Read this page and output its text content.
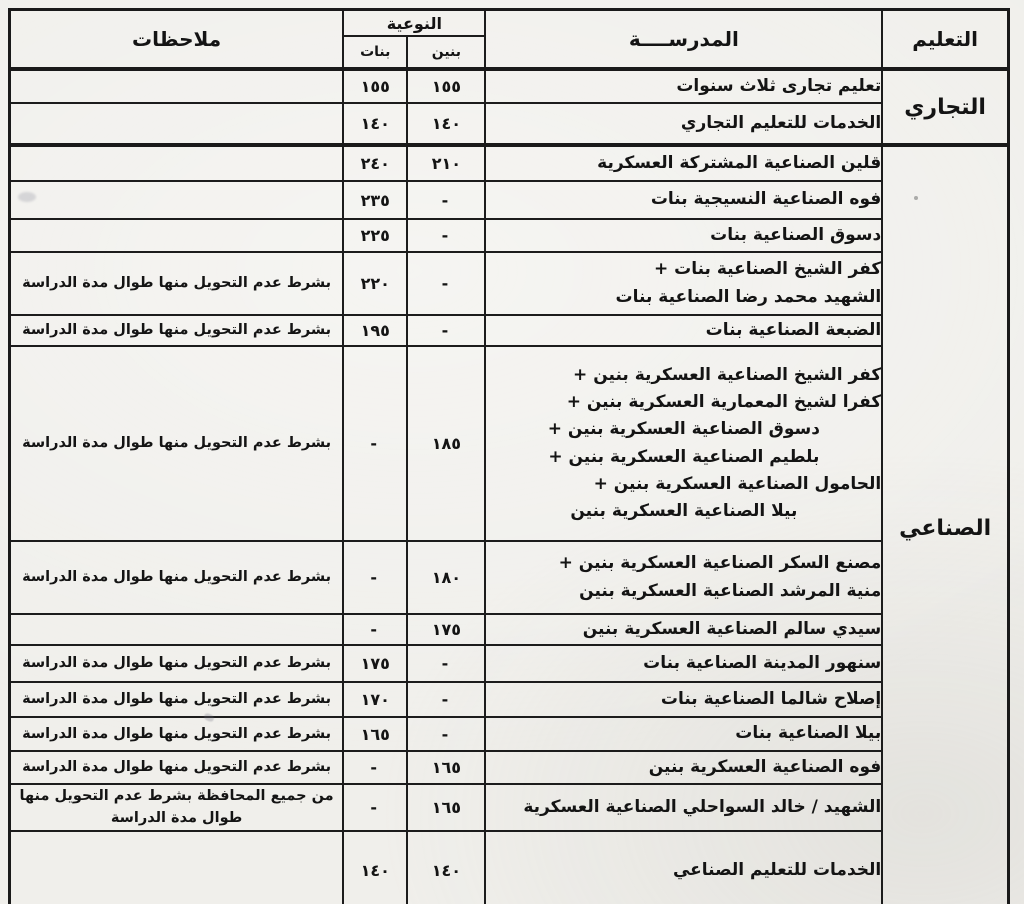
التعليم	المدرســــة	النوعية		ملاحظات
		بنين	بنات	
التجاري	تعليم تجارى ثلاث سنوات	١٥٥	١٥٥	

	الخدمات للتعليم التجاري	١٤٠	١٤٠	
الصناعي	قلين الصناعية المشتركة العسكرية	٢١٠	٢٤٠	

	فوه الصناعية النسيجية بنات	-	٢٣٥	

	دسوق الصناعية بنات	-	٢٢٥	

	كفر الشيخ الصناعية بنات +
الشهيد محمد رضا الصناعية بنات	-	٢٢٠	بشرط عدم التحويل منها طوال مدة الدراسة

	الضبعة الصناعية بنات	-	١٩٥	بشرط عدم التحويل منها طوال مدة الدراسة

كفر الشيخ الصناعية العسكرية بنين +
كفرا لشيخ المعمارية العسكرية بنين +
دسوق الصناعية العسكرية بنين +
بلطيم الصناعية العسكرية بنين +
الحامول الصناعية العسكرية بنين +
بيلا الصناعية العسكرية بنين
	١٨٥	-	بشرط عدم التحويل منها طوال مدة الدراسة

	مصنع السكر الصناعية العسكرية بنين +
منية المرشد الصناعية العسكرية بنين	١٨٠	-	بشرط عدم التحويل منها طوال مدة الدراسة

	سيدي سالم الصناعية العسكرية بنين	١٧٥	-	

	سنهور المدينة الصناعية بنات	-	١٧٥	بشرط عدم التحويل منها طوال مدة الدراسة

	إصلاح شالما الصناعية بنات	-	١٧٠	بشرط عدم التحويل منها طوال مدة الدراسة

	بيلا الصناعية بنات	-	١٦٥	بشرط عدم التحويل منها طوال مدة الدراسة

	فوه الصناعية العسكرية بنين	١٦٥	-	بشرط عدم التحويل منها طوال مدة الدراسة

	الشهيد / خالد السواحلي الصناعية العسكرية	١٦٥	-	من جميع المحافظة بشرط عدم التحويل منها طوال مدة الدراسة

	الخدمات للتعليم الصناعي	١٤٠	١٤٠	
